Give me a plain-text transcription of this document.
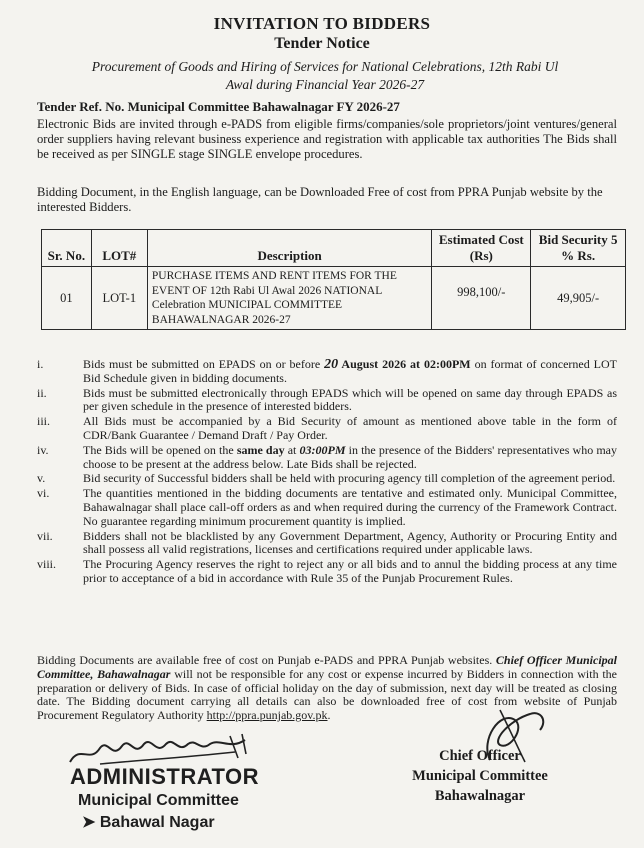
INVITATION TO BIDDERS
Tender Notice
Procurement of Goods and Hiring of Services for National Celebrations, 12th Rabi Ul
Awal during Financial Year 2026-27
Tender Ref. No. Municipal Committee Bahawalnagar FY 2026-27
Electronic Bids are invited through e-PADS from eligible firms/companies/sole proprietors/joint ventures/general order suppliers having relevant business experience and registration with applicable tax authorities The Bids shall be received as per SINGLE stage SINGLE envelope procedures.
Bidding Document, in the English language, can be Downloaded Free of cost from PPRA Punjab website by the interested Bidders.
Sr. No.	LOT#	Description	Estimated Cost (Rs)	Bid Security 5 % Rs.
01	LOT-1	PURCHASE ITEMS AND RENT ITEMS FOR THE EVENT OF 12th Rabi Ul Awal 2026 NATIONAL Celebration MUNICIPAL COMMITTEE BAHAWALNAGAR 2026-27	998,100/-	49,905/-
i.	Bids must be submitted on EPADS on or before 20 August 2026 at 02:00PM on format of concerned LOT Bid Schedule given in bidding documents.
ii.	Bids must be submitted electronically through EPADS which will be opened on same day through EPADS as per given schedule in the presence of interested bidders.
iii.	All Bids must be accompanied by a Bid Security of amount as mentioned above table in the form of CDR/Bank Guarantee / Demand Draft / Pay Order.
iv.	The Bids will be opened on the same day at 03:00PM in the presence of the Bidders' representatives who may choose to be present at the address below. Late Bids shall be rejected.
v.	Bid security of Successful bidders shall be held with procuring agency till completion of the agreement period.
vi.	The quantities mentioned in the bidding documents are tentative and estimated only. Municipal Committee, Bahawalnagar shall place call-off orders as and when required during the currency of the Framework Contract. No guarantee regarding minimum procurement quantity is implied.
vii.	Bidders shall not be blacklisted by any Government Department, Agency, Authority or Procuring Entity and shall possess all valid registrations, licenses and certifications required under applicable laws.
viii.	The Procuring Agency reserves the right to reject any or all bids and to annul the bidding process at any time prior to acceptance of a bid in accordance with Rule 35 of the Punjab Procurement Rules.
Bidding Documents are available free of cost on Punjab e-PADS and PPRA Punjab websites. Chief Officer Municipal Committee, Bahawalnagar will not be responsible for any cost or expense incurred by Bidders in connection with the preparation or delivery of Bids. In case of official holiday on the day of submission, next day will be treated as closing date. The Bidding document carrying all details can also be downloaded free of cost from website of Punjab Procurement Regulatory Authority http://ppra.punjab.gov.pk.
ADMINISTRATOR
Municipal Committee
➤ Bahawal Nagar
Chief Officer
Municipal Committee
Bahawalnagar
